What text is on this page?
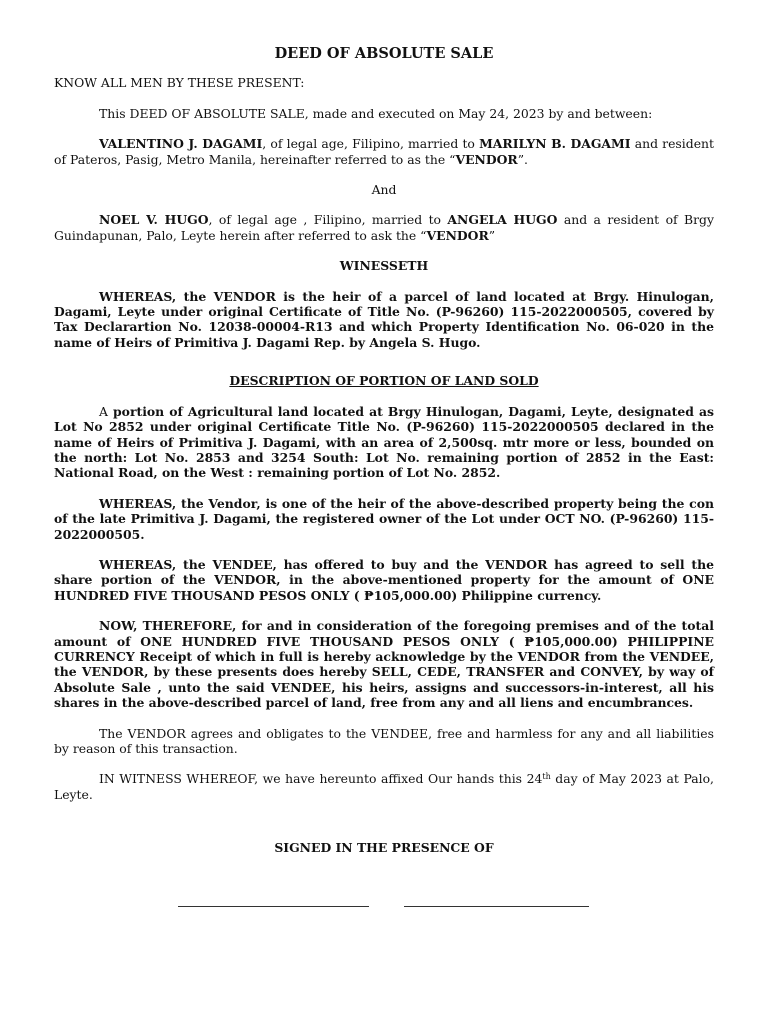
DEED OF ABSOLUTE SALE

KNOW ALL MEN BY THESE PRESENT:

This DEED OF ABSOLUTE SALE, made and executed on May 24, 2023 by and between:

VALENTINO J. DAGAMI, of legal age, Filipino, married to MARILYN B. DAGAMI and resident of Pateros, Pasig, Metro Manila, hereinafter referred to as the “VENDOR”.

And

NOEL V. HUGO, of legal age , Filipino, married to ANGELA HUGO and a resident of Brgy Guindapunan, Palo, Leyte herein after referred to ask the “VENDOR”

WINESSETH

WHEREAS, the VENDOR is the heir of a parcel of land located at Brgy. Hinulogan, Dagami, Leyte under original Certificate of Title No. (P-96260) 115-2022000505, covered by Tax Declarartion No. 12038-00004-R13 and which Property Identification No. 06-020 in the name of Heirs of Primitiva J. Dagami Rep. by Angela S. Hugo.

DESCRIPTION OF PORTION OF LAND SOLD

A portion of Agricultural land located at Brgy Hinulogan, Dagami, Leyte, designated as Lot No 2852 under original Certificate Title No. (P-96260) 115-2022000505 declared in the name of Heirs of Primitiva J. Dagami, with an area of 2,500sq. mtr more or less, bounded on the north: Lot No. 2853 and 3254 South: Lot No. remaining portion of 2852 in the East: National Road, on the West : remaining portion of Lot No. 2852.

WHEREAS, the Vendor, is one of the heir of the above-described property being the con of the late Primitiva J. Dagami, the registered owner of the Lot under OCT NO. (P-96260) 115-2022000505.

WHEREAS, the VENDEE, has offered to buy and the VENDOR has agreed to sell the share portion of the VENDOR, in the above-mentioned property for the amount of ONE HUNDRED FIVE THOUSAND PESOS ONLY ( ₱105,000.00) Philippine currency.

NOW, THEREFORE, for and in consideration of the foregoing premises and of the total amount of ONE HUNDRED FIVE THOUSAND PESOS ONLY ( ₱105,000.00) PHILIPPINE CURRENCY Receipt of which in full is hereby acknowledge by the VENDOR from the VENDEE, the VENDOR, by these presents does hereby SELL, CEDE, TRANSFER and CONVEY, by way of Absolute Sale , unto the said VENDEE, his heirs, assigns and successors-in-interest, all his shares in the above-described parcel of land, free from any and all liens and encumbrances.

The VENDOR agrees and obligates to the VENDEE, free and harmless for any and all liabilities by reason of this transaction.

IN WITNESS WHEREOF, we have hereunto affixed Our hands this 24th day of May 2023 at Palo, Leyte.

SIGNED IN THE PRESENCE OF
